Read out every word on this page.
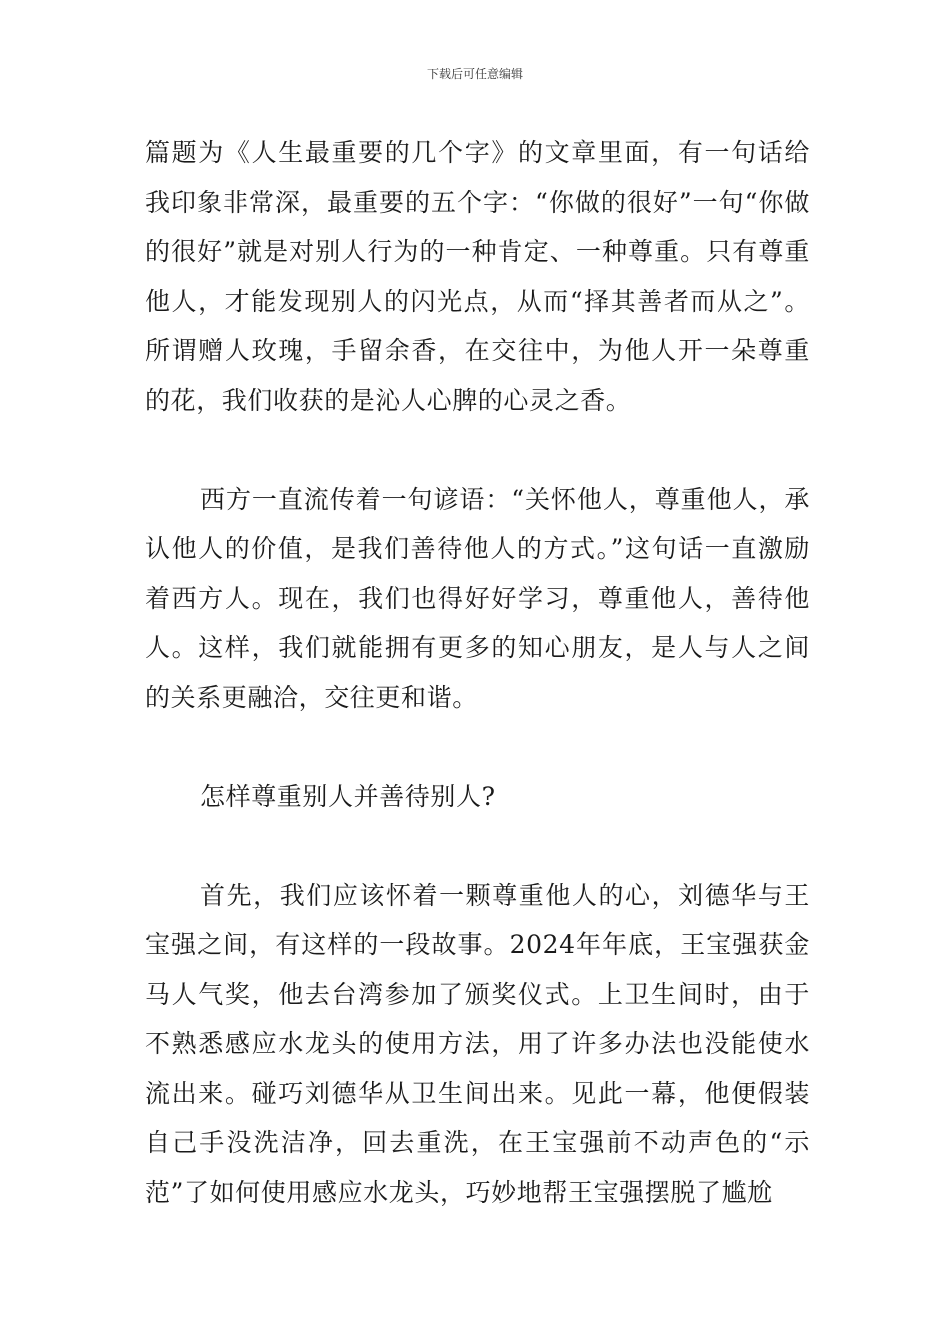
下载后可任意编辑

篇题为《人生最重要的几个字》的文章里面，有一句话给我印象非常深，最重要的五个字：“你做的很好”一句“你做的很好”就是对别人行为的一种肯定、一种尊重。只有尊重他人，才能发现别人的闪光点，从而“择其善者而从之”。所谓赠人玫瑰，手留余香，在交往中，为他人开一朵尊重的花，我们收获的是沁人心脾的心灵之香。

西方一直流传着一句谚语：“关怀他人，尊重他人，承认他人的价值，是我们善待他人的方式。”这句话一直激励着西方人。现在，我们也得好好学习，尊重他人，善待他人。这样，我们就能拥有更多的知心朋友，是人与人之间的关系更融洽，交往更和谐。

怎样尊重别人并善待别人?

首先，我们应该怀着一颗尊重他人的心，刘德华与王宝强之间，有这样的一段故事。2024年年底，王宝强获金马人气奖，他去台湾参加了颁奖仪式。上卫生间时，由于不熟悉感应水龙头的使用方法，用了许多办法也没能使水流出来。碰巧刘德华从卫生间出来。见此一幕，他便假装自己手没洗洁净，回去重洗，在王宝强前不动声色的“示范”了如何使用感应水龙头，巧妙地帮王宝强摆脱了尴尬
